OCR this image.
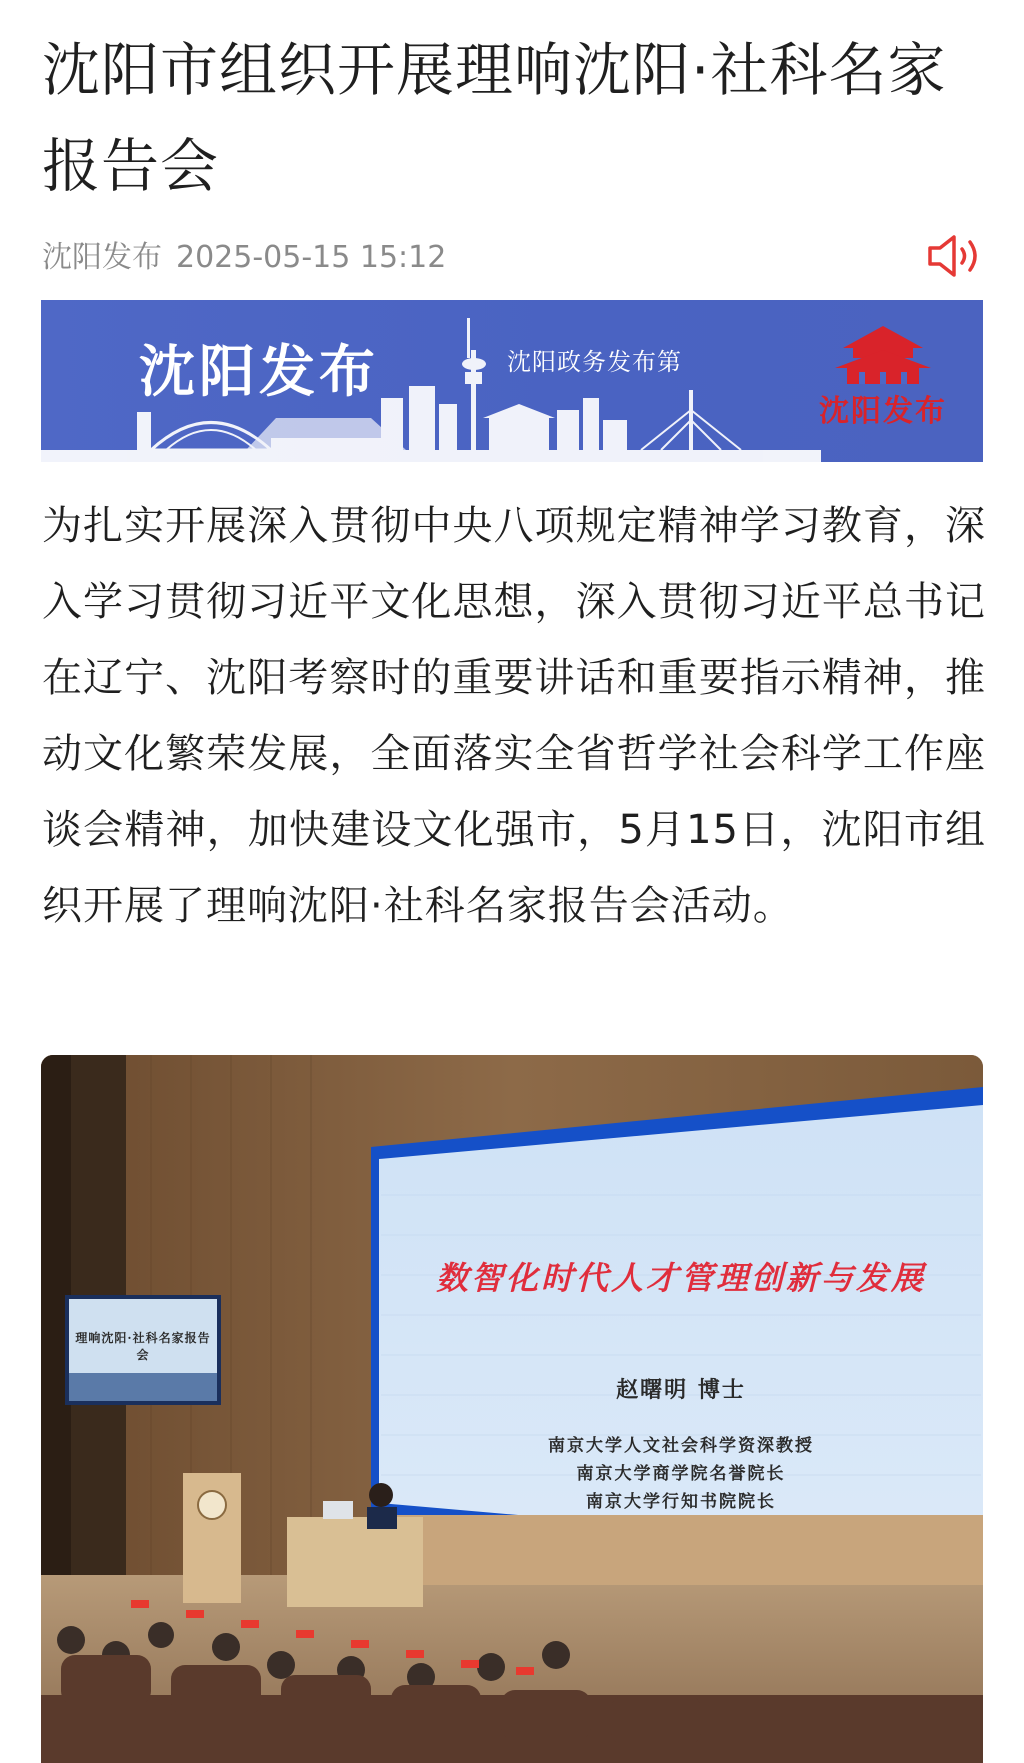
沈阳市组织开展理响沈阳·社科名家报告会
沈阳发布 2025-05-15 15:12
沈阳发布	沈阳政务发布第
沈阳发布
为扎实开展深入贯彻中央八项规定精神学习教育，深入学习贯彻习近平文化思想，深入贯彻习近平总书记在辽宁、沈阳考察时的重要讲话和重要指示精神，推动文化繁荣发展，全面落实全省哲学社会科学工作座谈会精神，加快建设文化强市，5月15日，沈阳市组织开展了理响沈阳·社科名家报告会活动。
数智化时代人才管理创新与发展
赵曙明 博士
南京大学人文社会科学资深教授
南京大学商学院名誉院长
南京大学行知书院院长
理响沈阳·社科名家报告会
